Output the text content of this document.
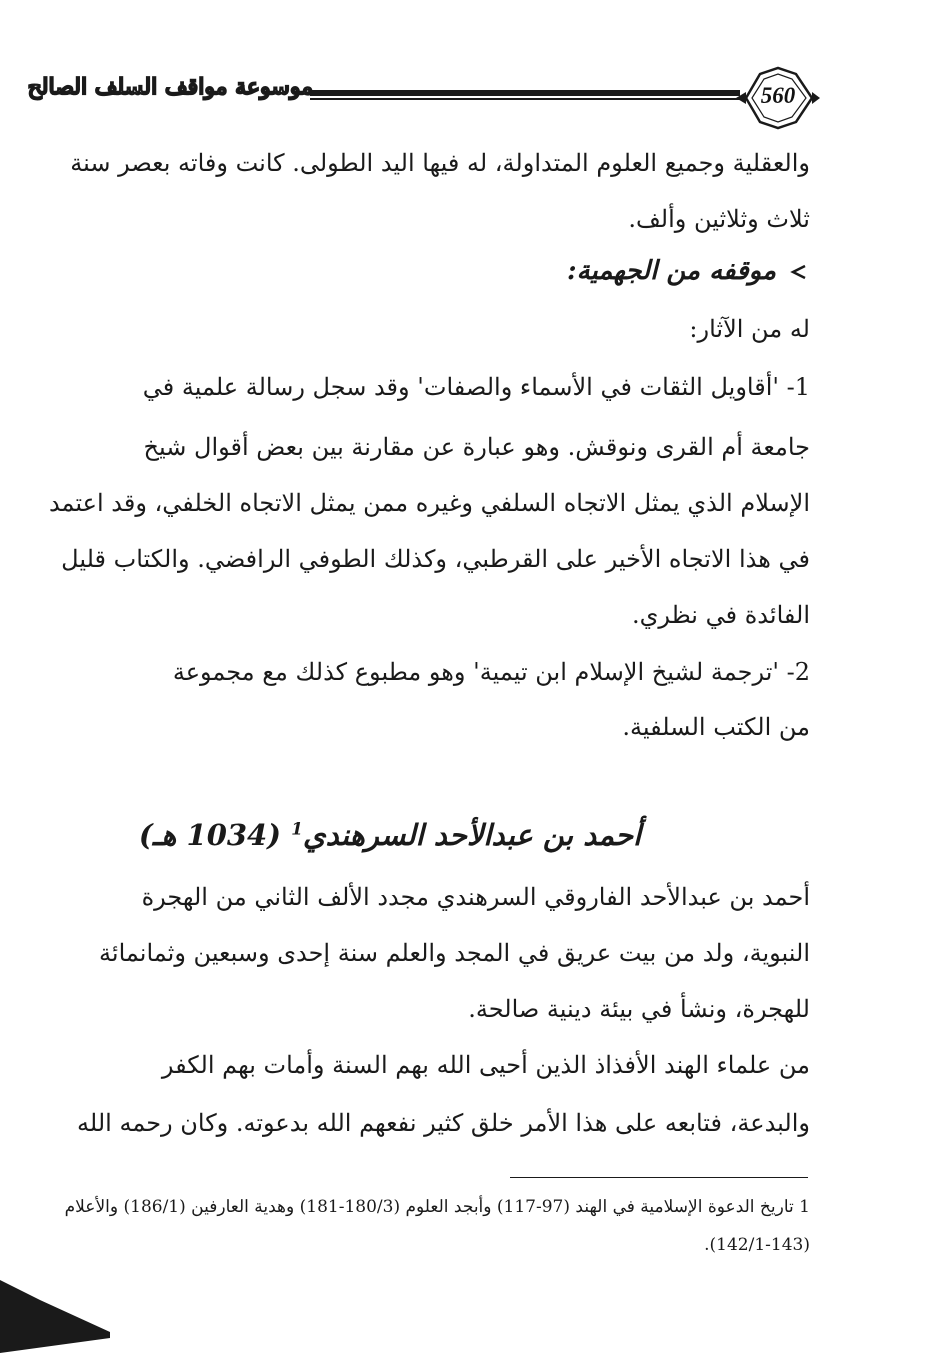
560
موسوعة مواقف السلف الصالح
والعقلية وجميع العلوم المتداولة، له فيها اليد الطولى. كانت وفاته بعصر سنة
ثلاث وثلاثين وألف.
موقفه من الجهمية:
له من الآثار:
1- 'أقاويل الثقات في الأسماء والصفات' وقد سجل رسالة علمية في
جامعة أم القرى ونوقش. وهو عبارة عن مقارنة بين بعض أقوال شيخ
الإسلام الذي يمثل الاتجاه السلفي وغيره ممن يمثل الاتجاه الخلفي، وقد اعتمد
في هذا الاتجاه الأخير على القرطبي، وكذلك الطوفي الرافضي. والكتاب قليل
الفائدة في نظري.
2- 'ترجمة لشيخ الإسلام ابن تيمية' وهو مطبوع كذلك مع مجموعة
من الكتب السلفية.
أحمد بن عبدالأحد السرهندي$^1$ (1034 هـ)
أحمد بن عبدالأحد الفاروقي السرهندي مجدد الألف الثاني من الهجرة
النبوية، ولد من بيت عريق في المجد والعلم سنة إحدى وسبعين وثمانمائة
للهجرة، ونشأ في بيئة دينية صالحة.
من علماء الهند الأفذاذ الذين أحيى الله بهم السنة وأمات بهم الكفر
والبدعة، فتابعه على هذا الأمر خلق كثير نفعهم الله بدعوته. وكان رحمه الله
1 تاريخ الدعوة الإسلامية في الهند (97-117) وأبجد العلوم (180/3-181) وهدية العارفين (186/1) والأعلام
(142/1-143).
